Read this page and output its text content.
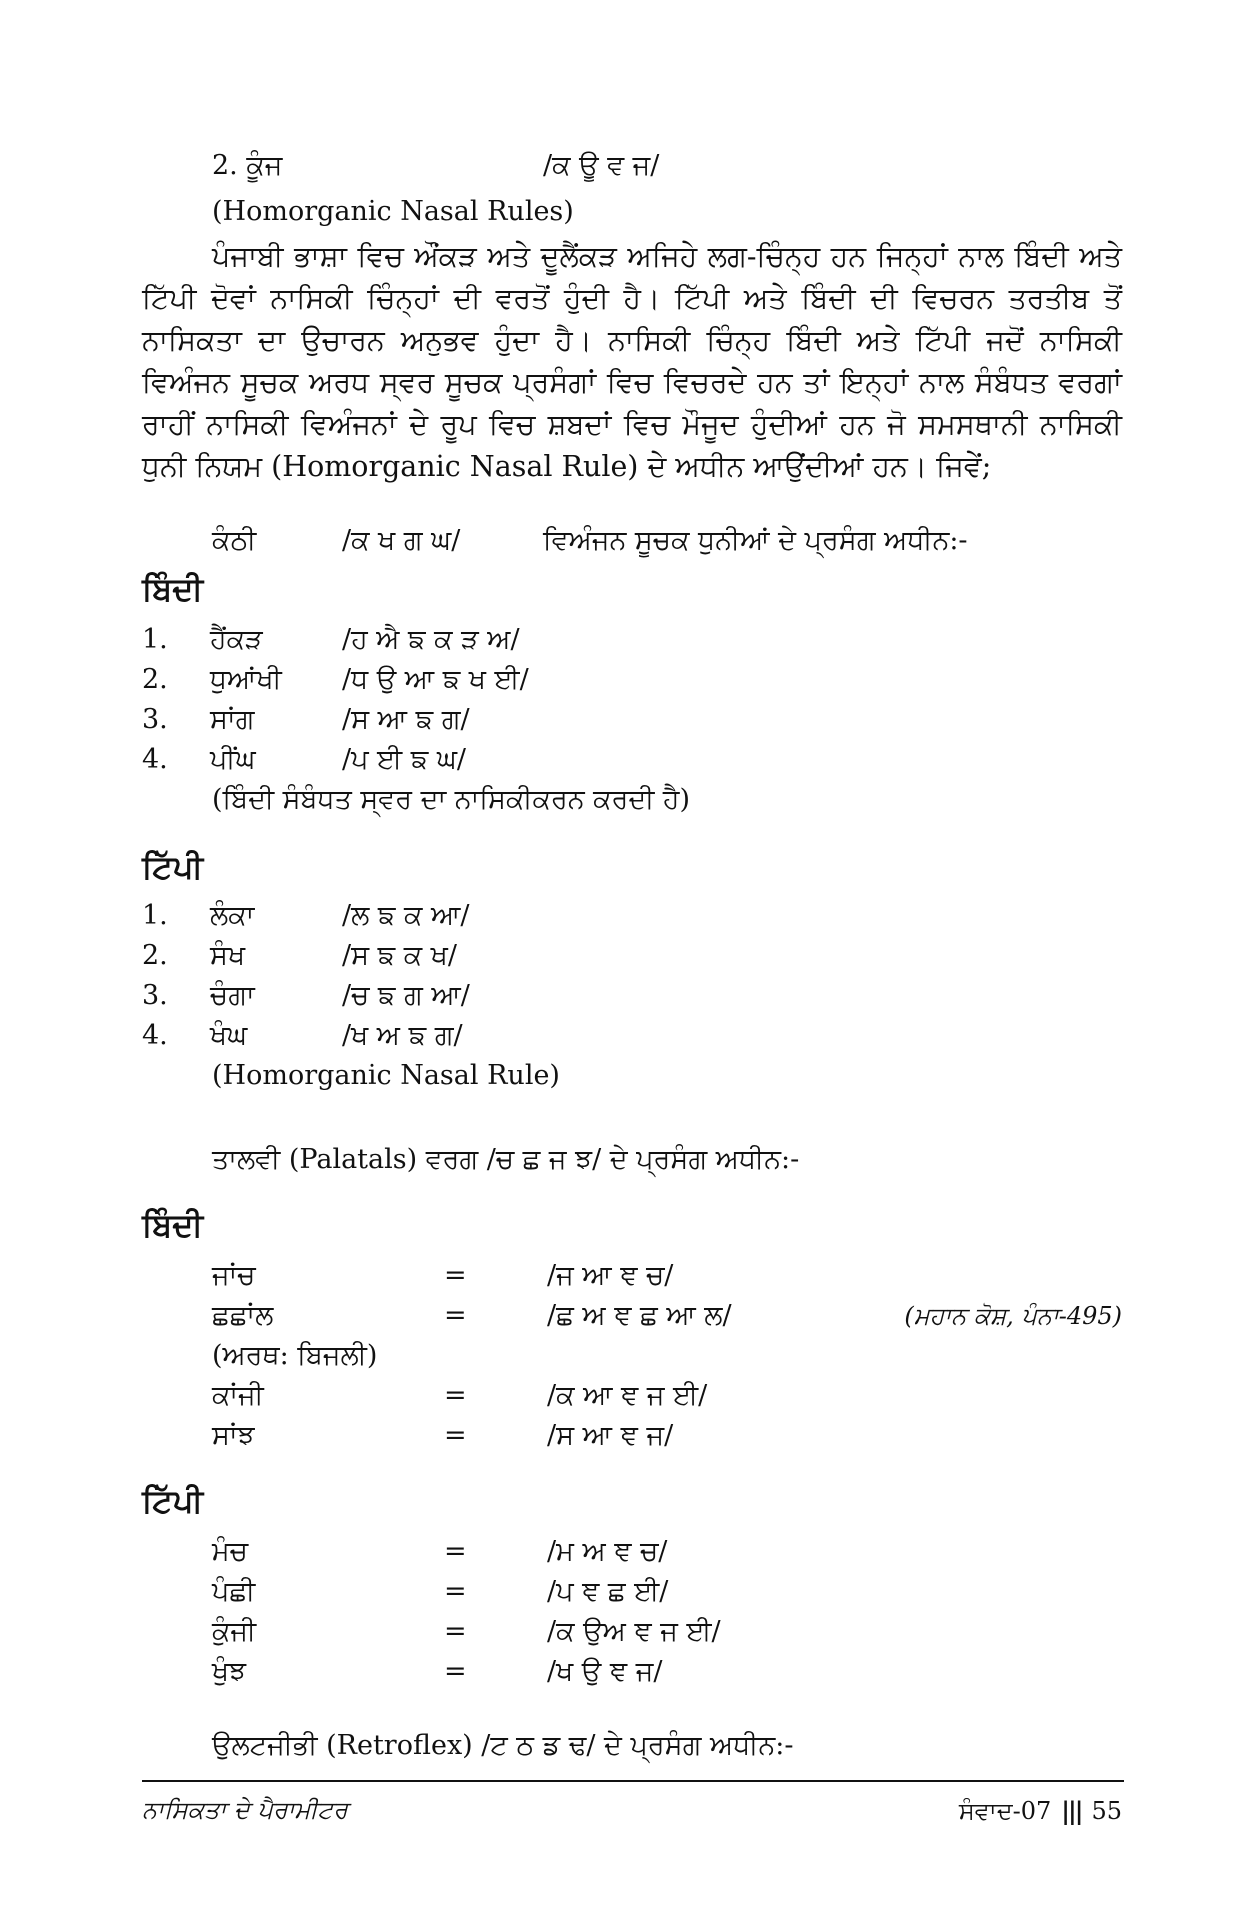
2. ਕੂੰਜ	/ਕ ਊ ਵ ਜ/
(Homorganic Nasal Rules)
ਪੰਜਾਬੀ ਭਾਸ਼ਾ ਵਿਚ ਔਂਕੜ ਅਤੇ ਦੂਲੈਂਕੜ ਅਜਿਹੇ ਲਗ-ਚਿੰਨ੍ਹ ਹਨ ਜਿਨ੍ਹਾਂ ਨਾਲ ਬਿੰਦੀ ਅਤੇ
ਟਿੱਪੀ ਦੋਵਾਂ ਨਾਸਿਕੀ ਚਿੰਨ੍ਹਾਂ ਦੀ ਵਰਤੋਂ ਹੁੰਦੀ ਹੈ। ਟਿੱਪੀ ਅਤੇ ਬਿੰਦੀ ਦੀ ਵਿਚਰਨ ਤਰਤੀਬ ਤੋਂ
ਨਾਸਿਕਤਾ ਦਾ ਉਚਾਰਨ ਅਨੁਭਵ ਹੁੰਦਾ ਹੈ। ਨਾਸਿਕੀ ਚਿੰਨ੍ਹ ਬਿੰਦੀ ਅਤੇ ਟਿੱਪੀ ਜਦੋਂ ਨਾਸਿਕੀ
ਵਿਅੰਜਨ ਸੂਚਕ ਅਰਧ ਸ੍ਵਰ ਸੂਚਕ ਪ੍ਰਸੰਗਾਂ ਵਿਚ ਵਿਚਰਦੇ ਹਨ ਤਾਂ ਇਨ੍ਹਾਂ ਨਾਲ ਸੰਬੰਧਤ ਵਰਗਾਂ
ਰਾਹੀਂ ਨਾਸਿਕੀ ਵਿਅੰਜਨਾਂ ਦੇ ਰੂਪ ਵਿਚ ਸ਼ਬਦਾਂ ਵਿਚ ਮੌਜੂਦ ਹੁੰਦੀਆਂ ਹਨ ਜੋ ਸਮਸਥਾਨੀ ਨਾਸਿਕੀ
ਧੁਨੀ ਨਿਯਮ (Homorganic Nasal Rule) ਦੇ ਅਧੀਨ ਆਉਂਦੀਆਂ ਹਨ। ਜਿਵੇਂ;
ਕੰਠੀ	/ਕ ਖ ਗ ਘ/	ਵਿਅੰਜਨ ਸੂਚਕ ਧੁਨੀਆਂ ਦੇ ਪ੍ਰਸੰਗ ਅਧੀਨ:-
ਬਿੰਦੀ
1. ਹੈਂਕੜ	/ਹ ਐ ਙ ਕ ੜ ਅ/
2. ਧੁਆਂਖੀ /ਧ ਉ ਆ ਙ ਖ ਈ/
3. ਸਾਂਗ	/ਸ ਆ ਙ ਗ/
4. ਪੀਂਘ	/ਪ ਈ ਙ ਘ/
(ਬਿੰਦੀ ਸੰਬੰਧਤ ਸ੍ਵਰ ਦਾ ਨਾਸਿਕੀਕਰਨ ਕਰਦੀ ਹੈ)
ਟਿੱਪੀ
1. ਲੰਕਾ	/ਲ ਙ ਕ ਆ/
2. ਸੰਖ	/ਸ ਙ ਕ ਖ/
3. ਚੰਗਾ	/ਚ ਙ ਗ ਆ/
4. ਖੰਘ	/ਖ ਅ ਙ ਗ/
(Homorganic Nasal Rule)
ਤਾਲਵੀ (Palatals) ਵਰਗ /ਚ ਛ ਜ ਝ/ ਦੇ ਪ੍ਰਸੰਗ ਅਧੀਨ:-
ਬਿੰਦੀ
ਜਾਂਚ	=	/ਜ ਆ ਞ ਚ/
ਛਛਾਂਲ	=	/ਛ ਅ ਞ ਛ ਆ ਲ/	(ਮਹਾਨ ਕੋਸ਼, ਪੰਨਾ-495)
(ਅਰਥ: ਬਿਜਲੀ)
ਕਾਂਜੀ	=	/ਕ ਆ ਞ ਜ ਈ/
ਸਾਂਝ	=	/ਸ ਆ ਞ ਜ/
ਟਿੱਪੀ
ਮੰਚ	=	/ਮ ਅ ਞ ਚ/
ਪੰਛੀ	=	/ਪ ਞ ਛ ਈ/
ਕੁੰਜੀ	=	/ਕ ਉਅ ਞ ਜ ਈ/
ਖੁੰਝ	=	/ਖ ਉ ਞ ਜ/
ਉਲਟਜੀਭੀ (Retroflex) /ਟ ਠ ਡ ਢ/ ਦੇ ਪ੍ਰਸੰਗ ਅਧੀਨ:-
ਨਾਸਿਕਤਾ ਦੇ ਪੈਰਾਮੀਟਰ	ਸੰਵਾਦ-07 ||| 55
